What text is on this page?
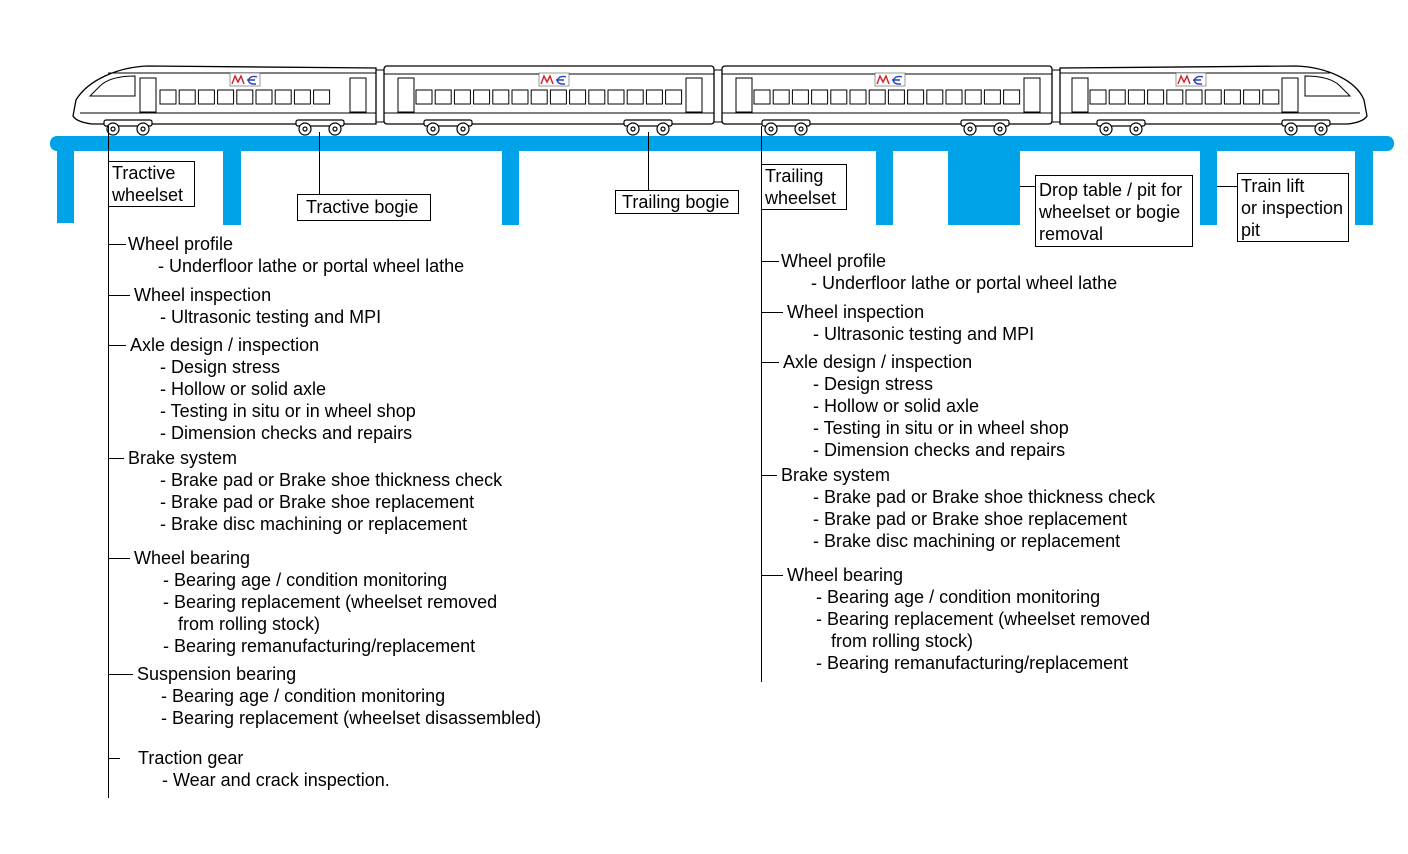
Tractive
wheelset
Tractive bogie	Trailing bogie
Trailing
wheelset	Drop table / pit for
wheelset or bogie
removal
Train lift
or inspection
pit
Wheel profile
- Underfloor lathe or portal wheel lathe
Wheel inspection
- Ultrasonic testing and MPI
Axle design / inspection
- Design stress
- Hollow or solid axle
- Testing in situ or in wheel shop
- Dimension checks and repairs
Brake system
- Brake pad or Brake shoe thickness check
- Brake pad or Brake shoe replacement
- Brake disc machining or replacement
Wheel bearing
- Bearing age / condition monitoring
- Bearing replacement (wheelset removed
from rolling stock)
- Bearing remanufacturing/replacement
Suspension bearing
- Bearing age / condition monitoring
- Bearing replacement (wheelset disassembled)
Traction gear
- Wear and crack inspection.
Wheel profile
- Underfloor lathe or portal wheel lathe
Wheel inspection
- Ultrasonic testing and MPI
Axle design / inspection
- Design stress
- Hollow or solid axle
- Testing in situ or in wheel shop
- Dimension checks and repairs
Brake system
- Brake pad or Brake shoe thickness check
- Brake pad or Brake shoe replacement
- Brake disc machining or replacement
Wheel bearing
- Bearing age / condition monitoring
- Bearing replacement (wheelset removed
from rolling stock)
- Bearing remanufacturing/replacement
